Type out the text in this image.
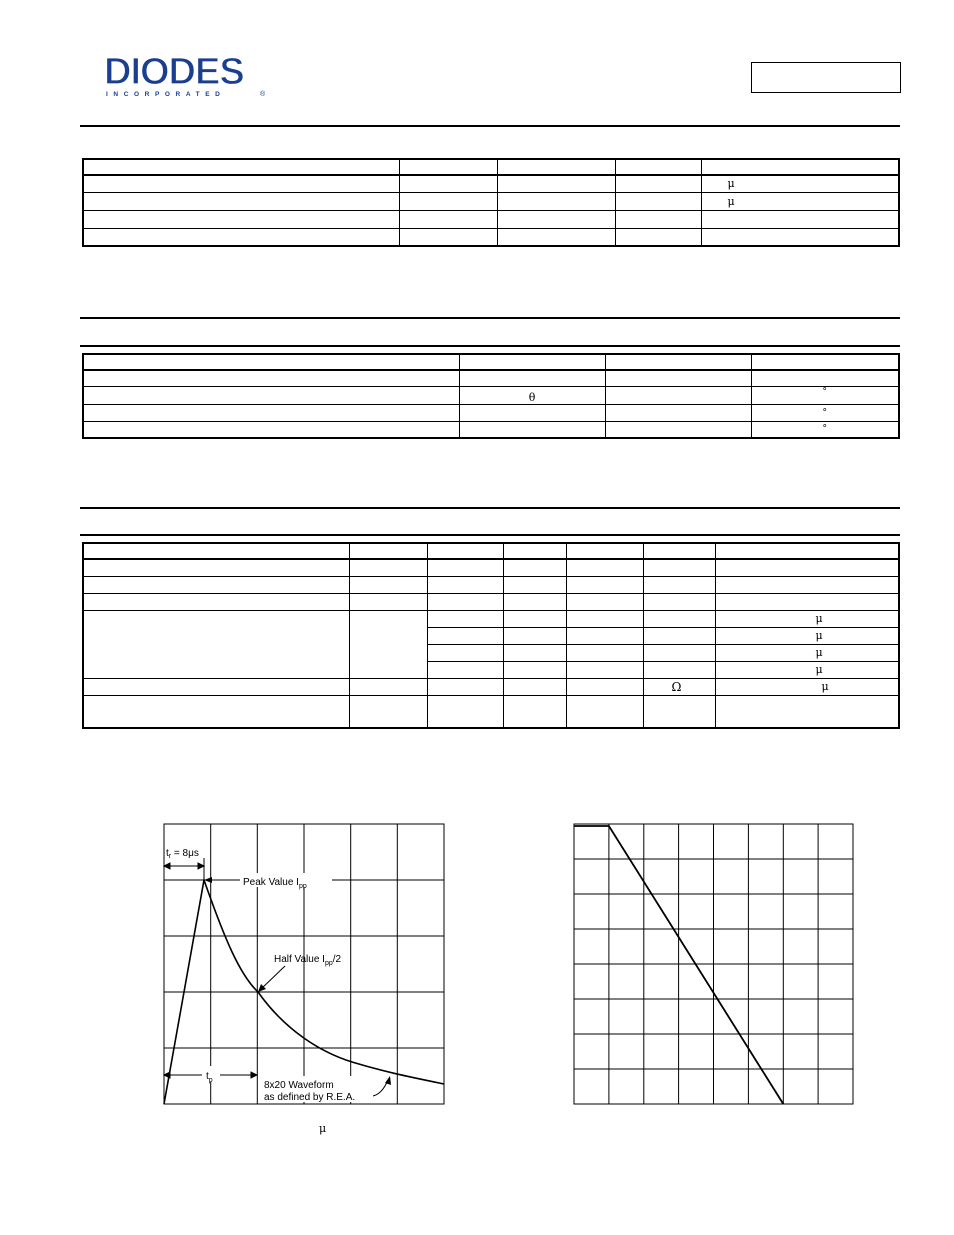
DIODES
INCORPORATED	®

				μ
				μ

	θ		°
			°
			°

						μ
						μ
						μ
						μ
					Ω	μ

$t_r = 8\mu s$
Peak Value $I_{pp}$
Half Value $I_{pp}/2$
$t_p$	8x20 Waveform
as defined by R.E.A.
μ
